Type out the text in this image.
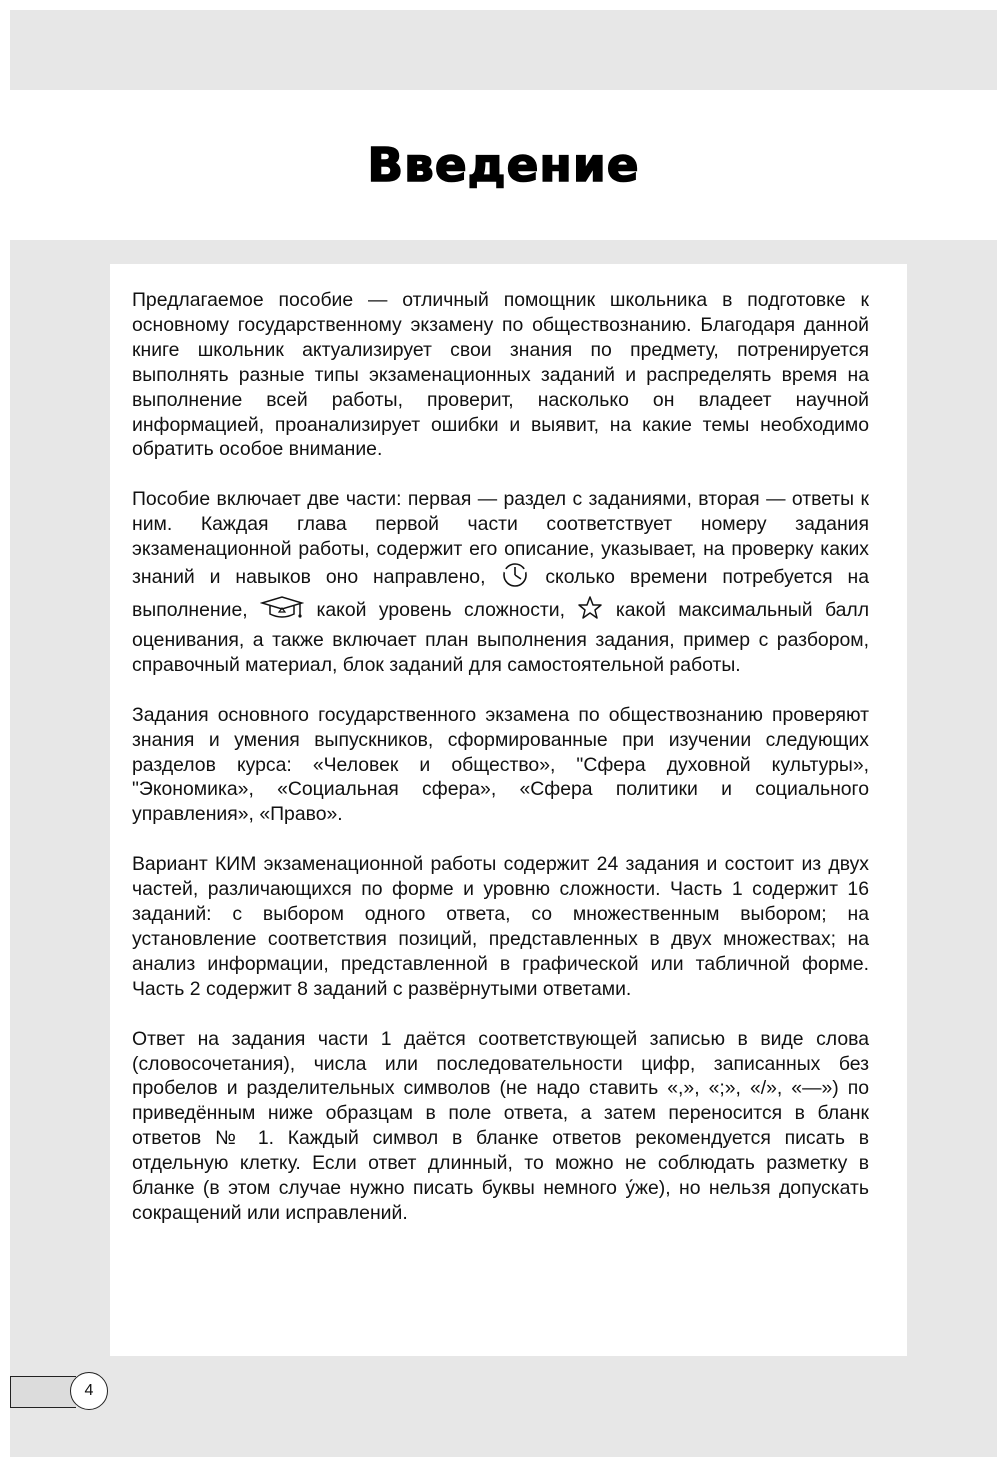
Введение

Предлагаемое пособие — отличный помощник школьника в подготовке к основному государственному экзамену по обществознанию. Благодаря данной книге школьник актуализирует свои знания по предмету, потренируется выполнять разные типы экзаменационных заданий и распределять время на выполнение всей работы, проверит, насколько он владеет научной информацией, проанализирует ошибки и выявит, на какие темы необходимо обратить особое внимание.

Пособие включает две части: первая — раздел с заданиями, вторая — ответы к ним. Каждая глава первой части соответствует номеру задания экзаменационной работы, содержит его описание, указывает, на проверку каких знаний и навыков оно направлено,	сколько времени потребуется на выполнение,	какой уровень сложности,	какой максимальный балл оценивания, а также включает план выполнения задания, пример с разбором, справочный материал, блок заданий для самостоятельной работы.

Задания основного государственного экзамена по обществознанию проверяют знания и умения выпускников, сформированные при изучении следующих разделов курса: «Человек и общество», "Сфера духовной культуры», "Экономика», «Социальная сфера», «Сфера политики и социального управления», «Право».

Вариант КИМ экзаменационной работы содержит 24 задания и состоит из двух частей, различающихся по форме и уровню сложности. Часть 1 содержит 16 заданий: с выбором одного ответа, со множественным выбором; на установление соответствия позиций, представленных в двух множествах; на анализ информации, представленной в графической или табличной форме. Часть 2 содержит 8 заданий с развёрнутыми ответами.

Ответ на задания части 1 даётся соответствующей записью в виде слова (словосочетания), числа или последовательности цифр, записанных без пробелов и разделительных символов (не надо ставить «,», «;», «/», «—») по приведённым ниже образцам в поле ответа, а затем переносится в бланк ответов № 1. Каждый символ в бланке ответов рекомендуется писать в отдельную клетку. Если ответ длинный, то можно не соблюдать разметку в бланке (в этом случае нужно писать буквы немного у́же), но нельзя допускать сокращений или исправлений.

4
